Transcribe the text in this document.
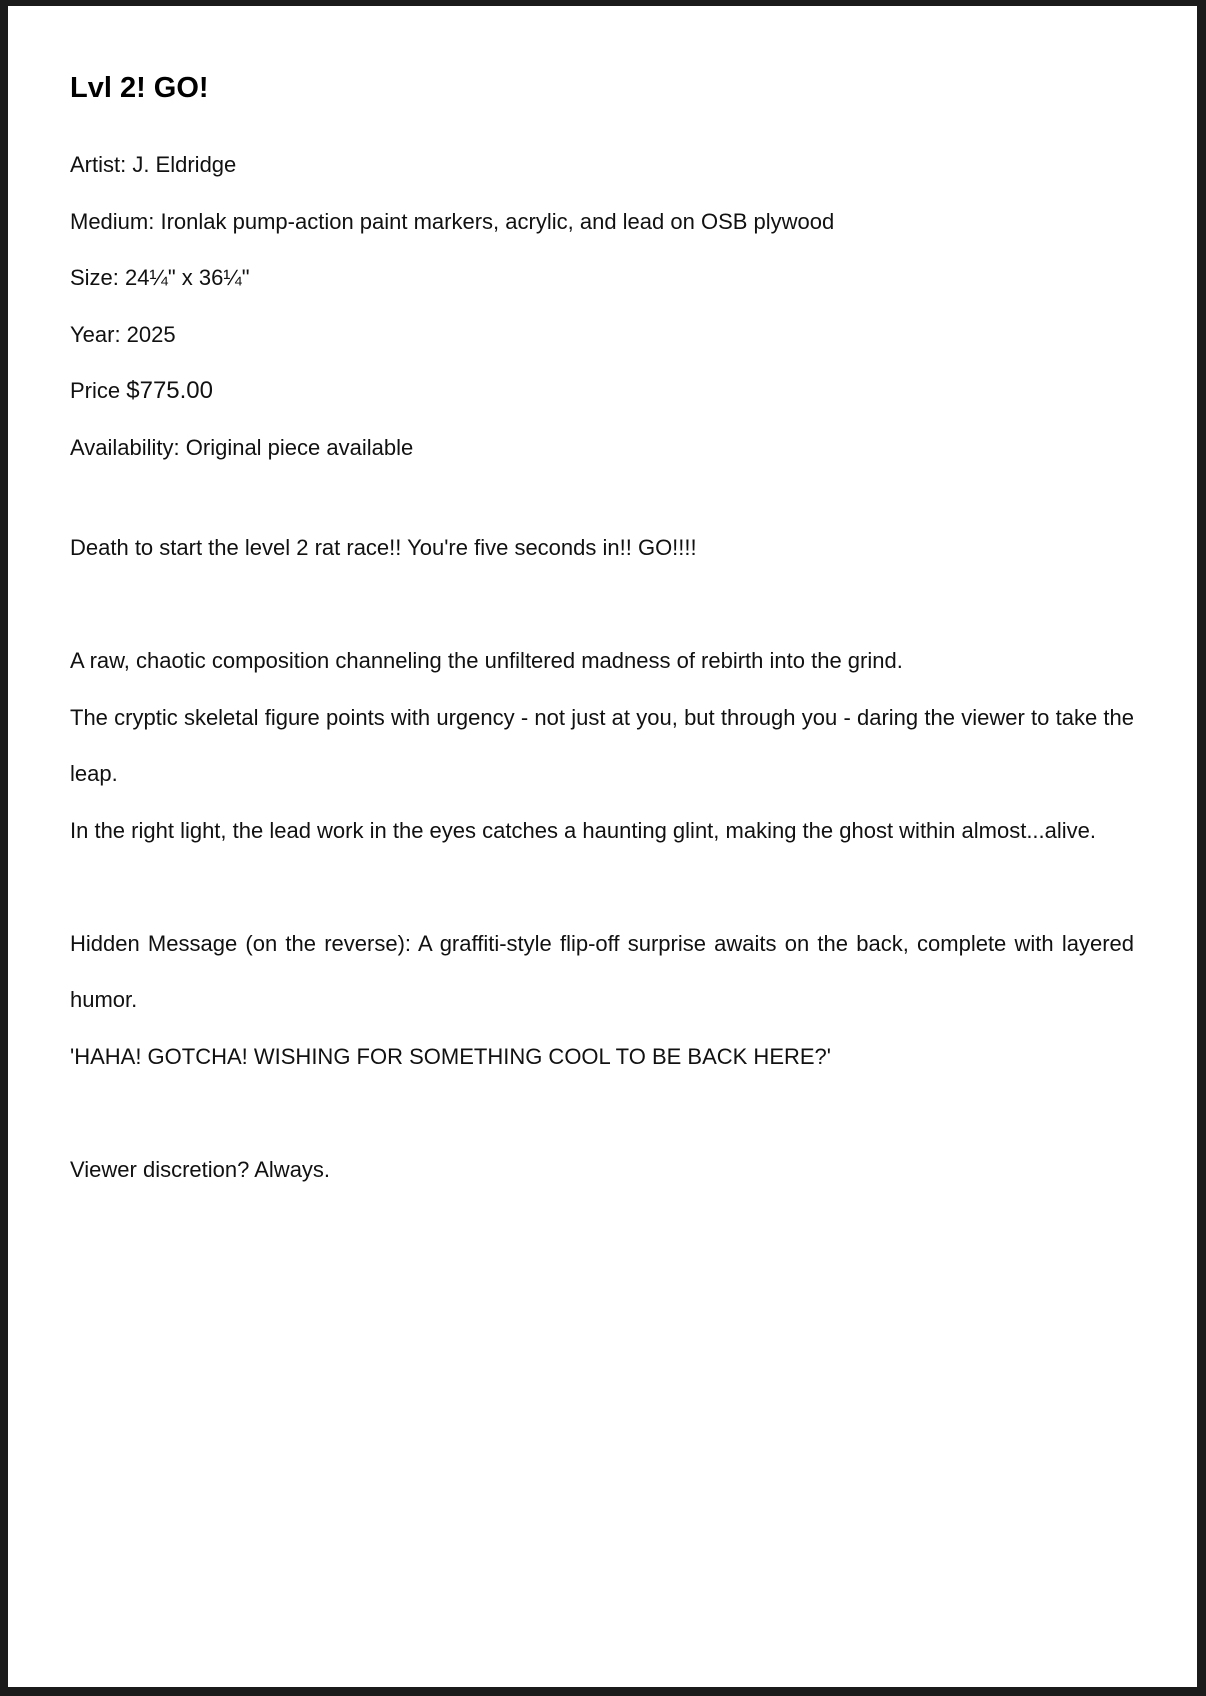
Lvl 2! GO!

Artist: J. Eldridge

Medium: Ironlak pump-action paint markers, acrylic, and lead on OSB plywood

Size: 24¼" x 36¼"

Year: 2025

Price $775.00

Availability: Original piece available

Death to start the level 2 rat race!! You're five seconds in!! GO!!!!

A raw, chaotic composition channeling the unfiltered madness of rebirth into the grind.

The cryptic skeletal figure points with urgency - not just at you, but through you - daring the viewer to take the leap.

In the right light, the lead work in the eyes catches a haunting glint, making the ghost within almost...alive.

Hidden Message (on the reverse): A graffiti-style flip-off surprise awaits on the back, complete with layered humor.

'HAHA! GOTCHA! WISHING FOR SOMETHING COOL TO BE BACK HERE?'

Viewer discretion? Always.
